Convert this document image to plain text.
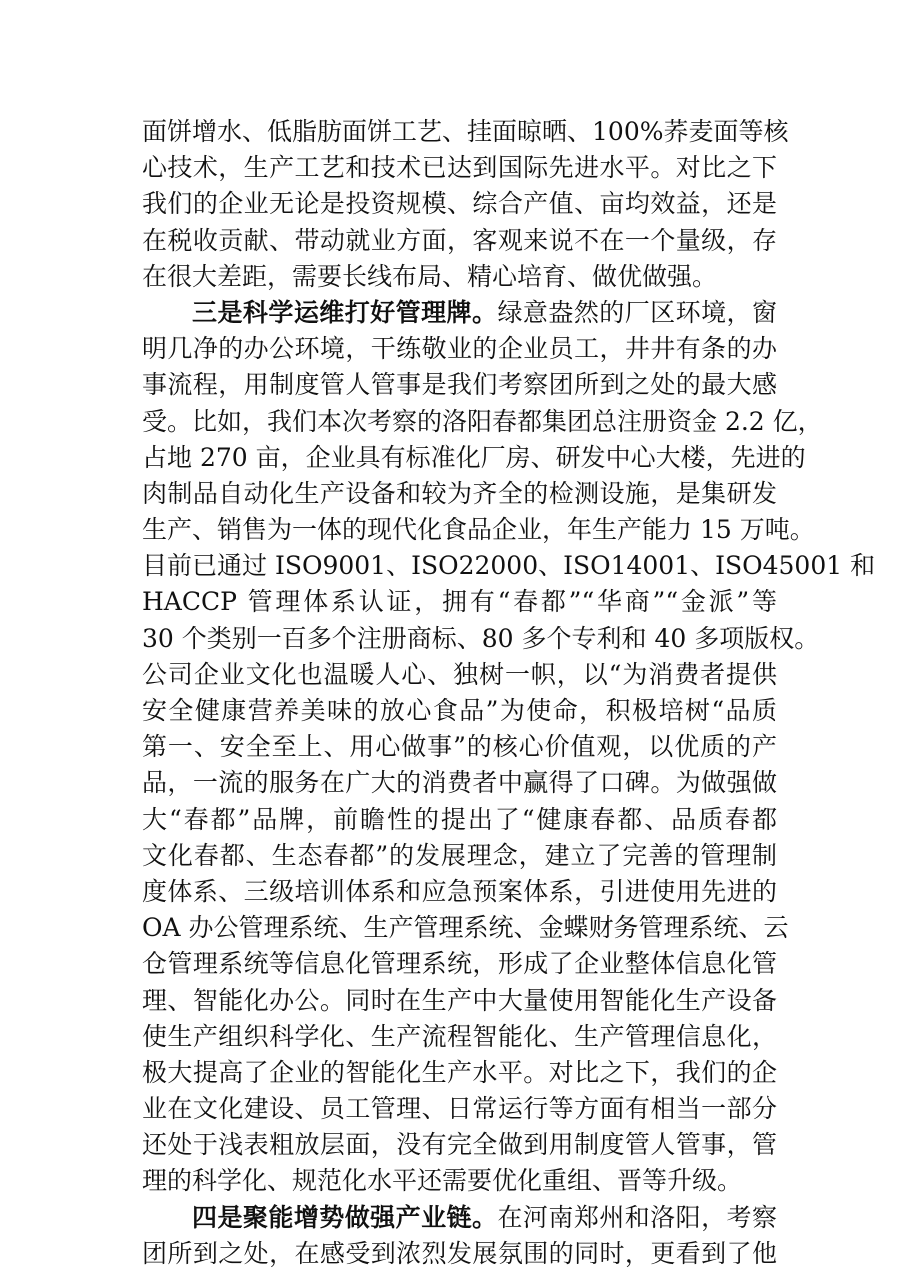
面饼增水、低脂肪面饼工艺、挂面晾晒、100%荞麦面等核
心技术，生产工艺和技术已达到国际先进水平。对比之下
我们的企业无论是投资规模、综合产值、亩均效益，还是
在税收贡献、带动就业方面，客观来说不在一个量级，存
在很大差距，需要长线布局、精心培育、做优做强。
三是科学运维打好管理牌。绿意盎然的厂区环境，窗
明几净的办公环境，干练敬业的企业员工，井井有条的办
事流程，用制度管人管事是我们考察团所到之处的最大感
受。比如，我们本次考察的洛阳春都集团总注册资金 2.2 亿，
占地 270 亩，企业具有标准化厂房、研发中心大楼，先进的
肉制品自动化生产设备和较为齐全的检测设施，是集研发
生产、销售为一体的现代化食品企业，年生产能力 15 万吨。
目前已通过 ISO9001、ISO22000、ISO14001、ISO45001 和
HACCP 管理体系认证，拥有“春都”“华商”“金派”等
30 个类别一百多个注册商标、80 多个专利和 40 多项版权。
公司企业文化也温暖人心、独树一帜，以“为消费者提供
安全健康营养美味的放心食品”为使命，积极培树“品质
第一、安全至上、用心做事”的核心价值观，以优质的产
品，一流的服务在广大的消费者中赢得了口碑。为做强做
大“春都”品牌，前瞻性的提出了“健康春都、品质春都
文化春都、生态春都”的发展理念，建立了完善的管理制
度体系、三级培训体系和应急预案体系，引进使用先进的
OA 办公管理系统、生产管理系统、金蝶财务管理系统、云
仓管理系统等信息化管理系统，形成了企业整体信息化管
理、智能化办公。同时在生产中大量使用智能化生产设备
使生产组织科学化、生产流程智能化、生产管理信息化，
极大提高了企业的智能化生产水平。对比之下，我们的企
业在文化建设、员工管理、日常运行等方面有相当一部分
还处于浅表粗放层面，没有完全做到用制度管人管事，管
理的科学化、规范化水平还需要优化重组、晋等升级。
四是聚能增势做强产业链。在河南郑州和洛阳，考察
团所到之处，在感受到浓烈发展氛围的同时，更看到了他
